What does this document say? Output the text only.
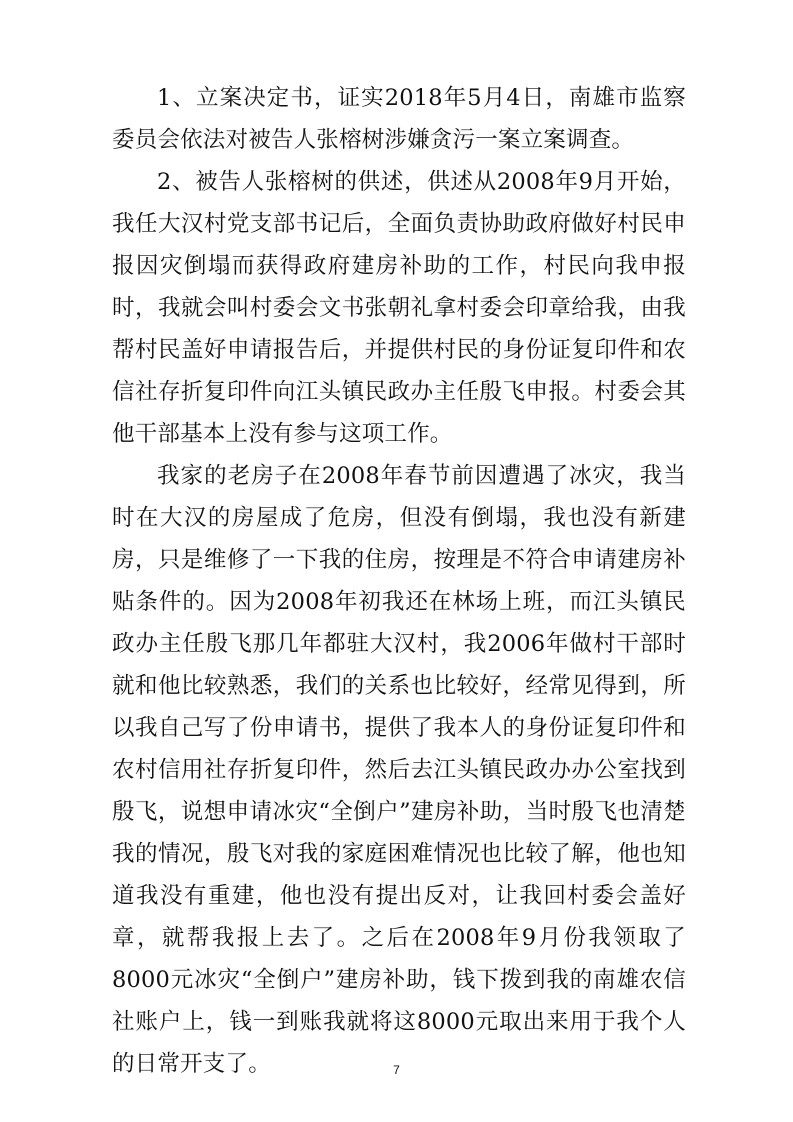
1、立案决定书，证实2018年5月4日，南雄市监察委员会依法对被告人张榕树涉嫌贪污一案立案调查。

2、被告人张榕树的供述，供述从2008年9月开始，我任大汉村党支部书记后，全面负责协助政府做好村民申报因灾倒塌而获得政府建房补助的工作，村民向我申报时，我就会叫村委会文书张朝礼拿村委会印章给我，由我帮村民盖好申请报告后，并提供村民的身份证复印件和农信社存折复印件向江头镇民政办主任殷飞申报。村委会其他干部基本上没有参与这项工作。

我家的老房子在2008年春节前因遭遇了冰灾，我当时在大汉的房屋成了危房，但没有倒塌，我也没有新建房，只是维修了一下我的住房，按理是不符合申请建房补贴条件的。因为2008年初我还在林场上班，而江头镇民政办主任殷飞那几年都驻大汉村，我2006年做村干部时就和他比较熟悉，我们的关系也比较好，经常见得到，所以我自己写了份申请书，提供了我本人的身份证复印件和农村信用社存折复印件，然后去江头镇民政办办公室找到殷飞，说想申请冰灾“全倒户”建房补助，当时殷飞也清楚我的情况，殷飞对我的家庭困难情况也比较了解，他也知道我没有重建，他也没有提出反对，让我回村委会盖好章，就帮我报上去了。之后在2008年9月份我领取了8000元冰灾“全倒户”建房补助，钱下拨到我的南雄农信社账户上，钱一到账我就将这8000元取出来用于我个人的日常开支了。	7
